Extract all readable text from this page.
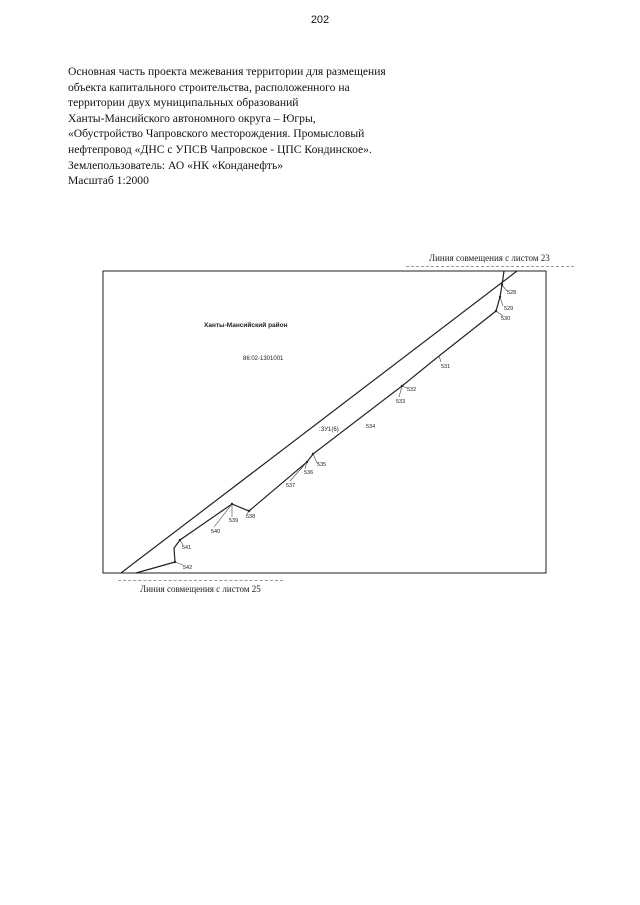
202
Основная часть проекта межевания территории для размещения
объекта капитального строительства, расположенного на
территории двух муниципальных образований
Ханты-Мансийского автономного округа – Югры,
«Обустройство Чапровского месторождения. Промысловый
нефтепровод «ДНС с УПСВ Чапровское - ЦПС Кондинское».
Землепользователь: АО «НК «Конданефть»
Масштаб 1:2000
Линия совмещения с листом 23
Ханты-Мансийский район
86:02-1301001
:ЗУ1(6)
528
529
530
531
532
533
534
535
536
537
538
539
540
541
542
Линия совмещения с листом 25
